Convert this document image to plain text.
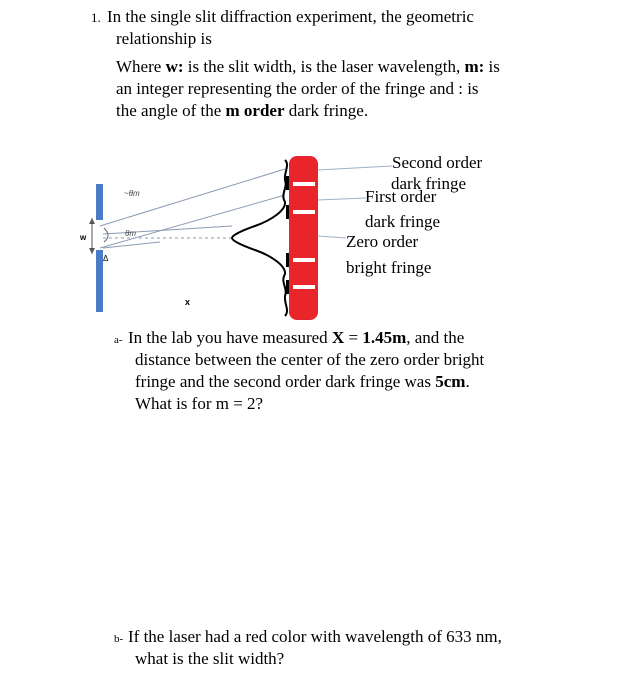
1. In the single slit diffraction experiment, the geometric
relationship is
Where w: is the slit width, is the laser wavelength, m: is
an integer representing the order of the fringe and : is
the angle of the m order dark fringe.
w
Δ
~θm
θm
x
Second order
dark fringe
First order
dark fringe
Zero order
bright fringe
a- In the lab you have measured X = 1.45m, and the
distance between the center of the zero order bright
fringe and the second order dark fringe was 5cm.
What is for m = 2?
b- If the laser had a red color with wavelength of 633 nm,
what is the slit width?
